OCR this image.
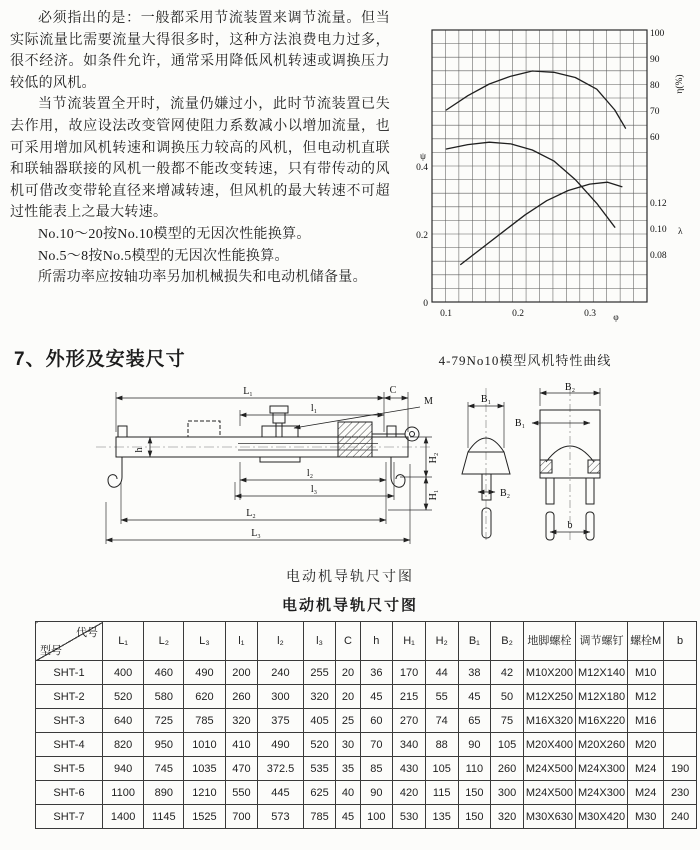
必须指出的是：一般都采用节流装置来调节流量。但当实际流量比需要流量大得很多时，这种方法浪费电力过多，很不经济。如条件允许，通常采用降低风机转速或调换压力较低的风机。

当节流装置全开时，流量仍嫌过小，此时节流装置已失去作用，故应设法改变管网使阻力系数减小以增加流量，也可采用增加风机转速和调换压力较高的风机，但电动机直联和联轴器联接的风机一般都不能改变转速，只有带传动的风机可借改变带轮直径来增减转速，但风机的最大转速不可超过性能表上之最大转速。

No.10～20按No.10模型的无因次性能换算。

No.5～8按No.5模型的无因次性能换算。

所需功率应按轴功率另加机械损失和电动机储备量。

ψ
0.4
0.2
0
0.1	0.2	0.3 φ
100
90
80
70
60
η(%)
0.12
0.10
0.08
λ
7、外形及安装尺寸	4-79No10模型风机特性曲线
L₁	C
M
l₁
h
l₂
l₃
L₂
L₃
H₂
H₁
B₁
B₂
B₁
B₂
b

电动机导轨尺寸图

电动机导轨尺寸图

代号
型号	L₁	L₂	L₃	l₁	l₂	l₃	C	h	H₁	H₂	B₁	B₂	地脚螺栓	调节螺钉	螺栓M	b
SHT-1	400	460	490	200	240	255	20	36	170	44	38	42	M10X200	M12X140	M10	
SHT-2	520	580	620	260	300	320	20	45	215	55	45	50	M12X250	M12X180	M12	
SHT-3	640	725	785	320	375	405	25	60	270	74	65	75	M16X320	M16X220	M16	
SHT-4	820	950	1010	410	490	520	30	70	340	88	90	105	M20X400	M20X260	M20	
SHT-5	940	745	1035	470	372.5	535	35	85	430	105	110	260	M24X500	M24X300	M24	190
SHT-6	1100	890	1210	550	445	625	40	90	420	115	150	300	M24X500	M24X300	M24	230
SHT-7	1400	1145	1525	700	573	785	45	100	530	135	150	320	M30X630	M30X420	M30	240
